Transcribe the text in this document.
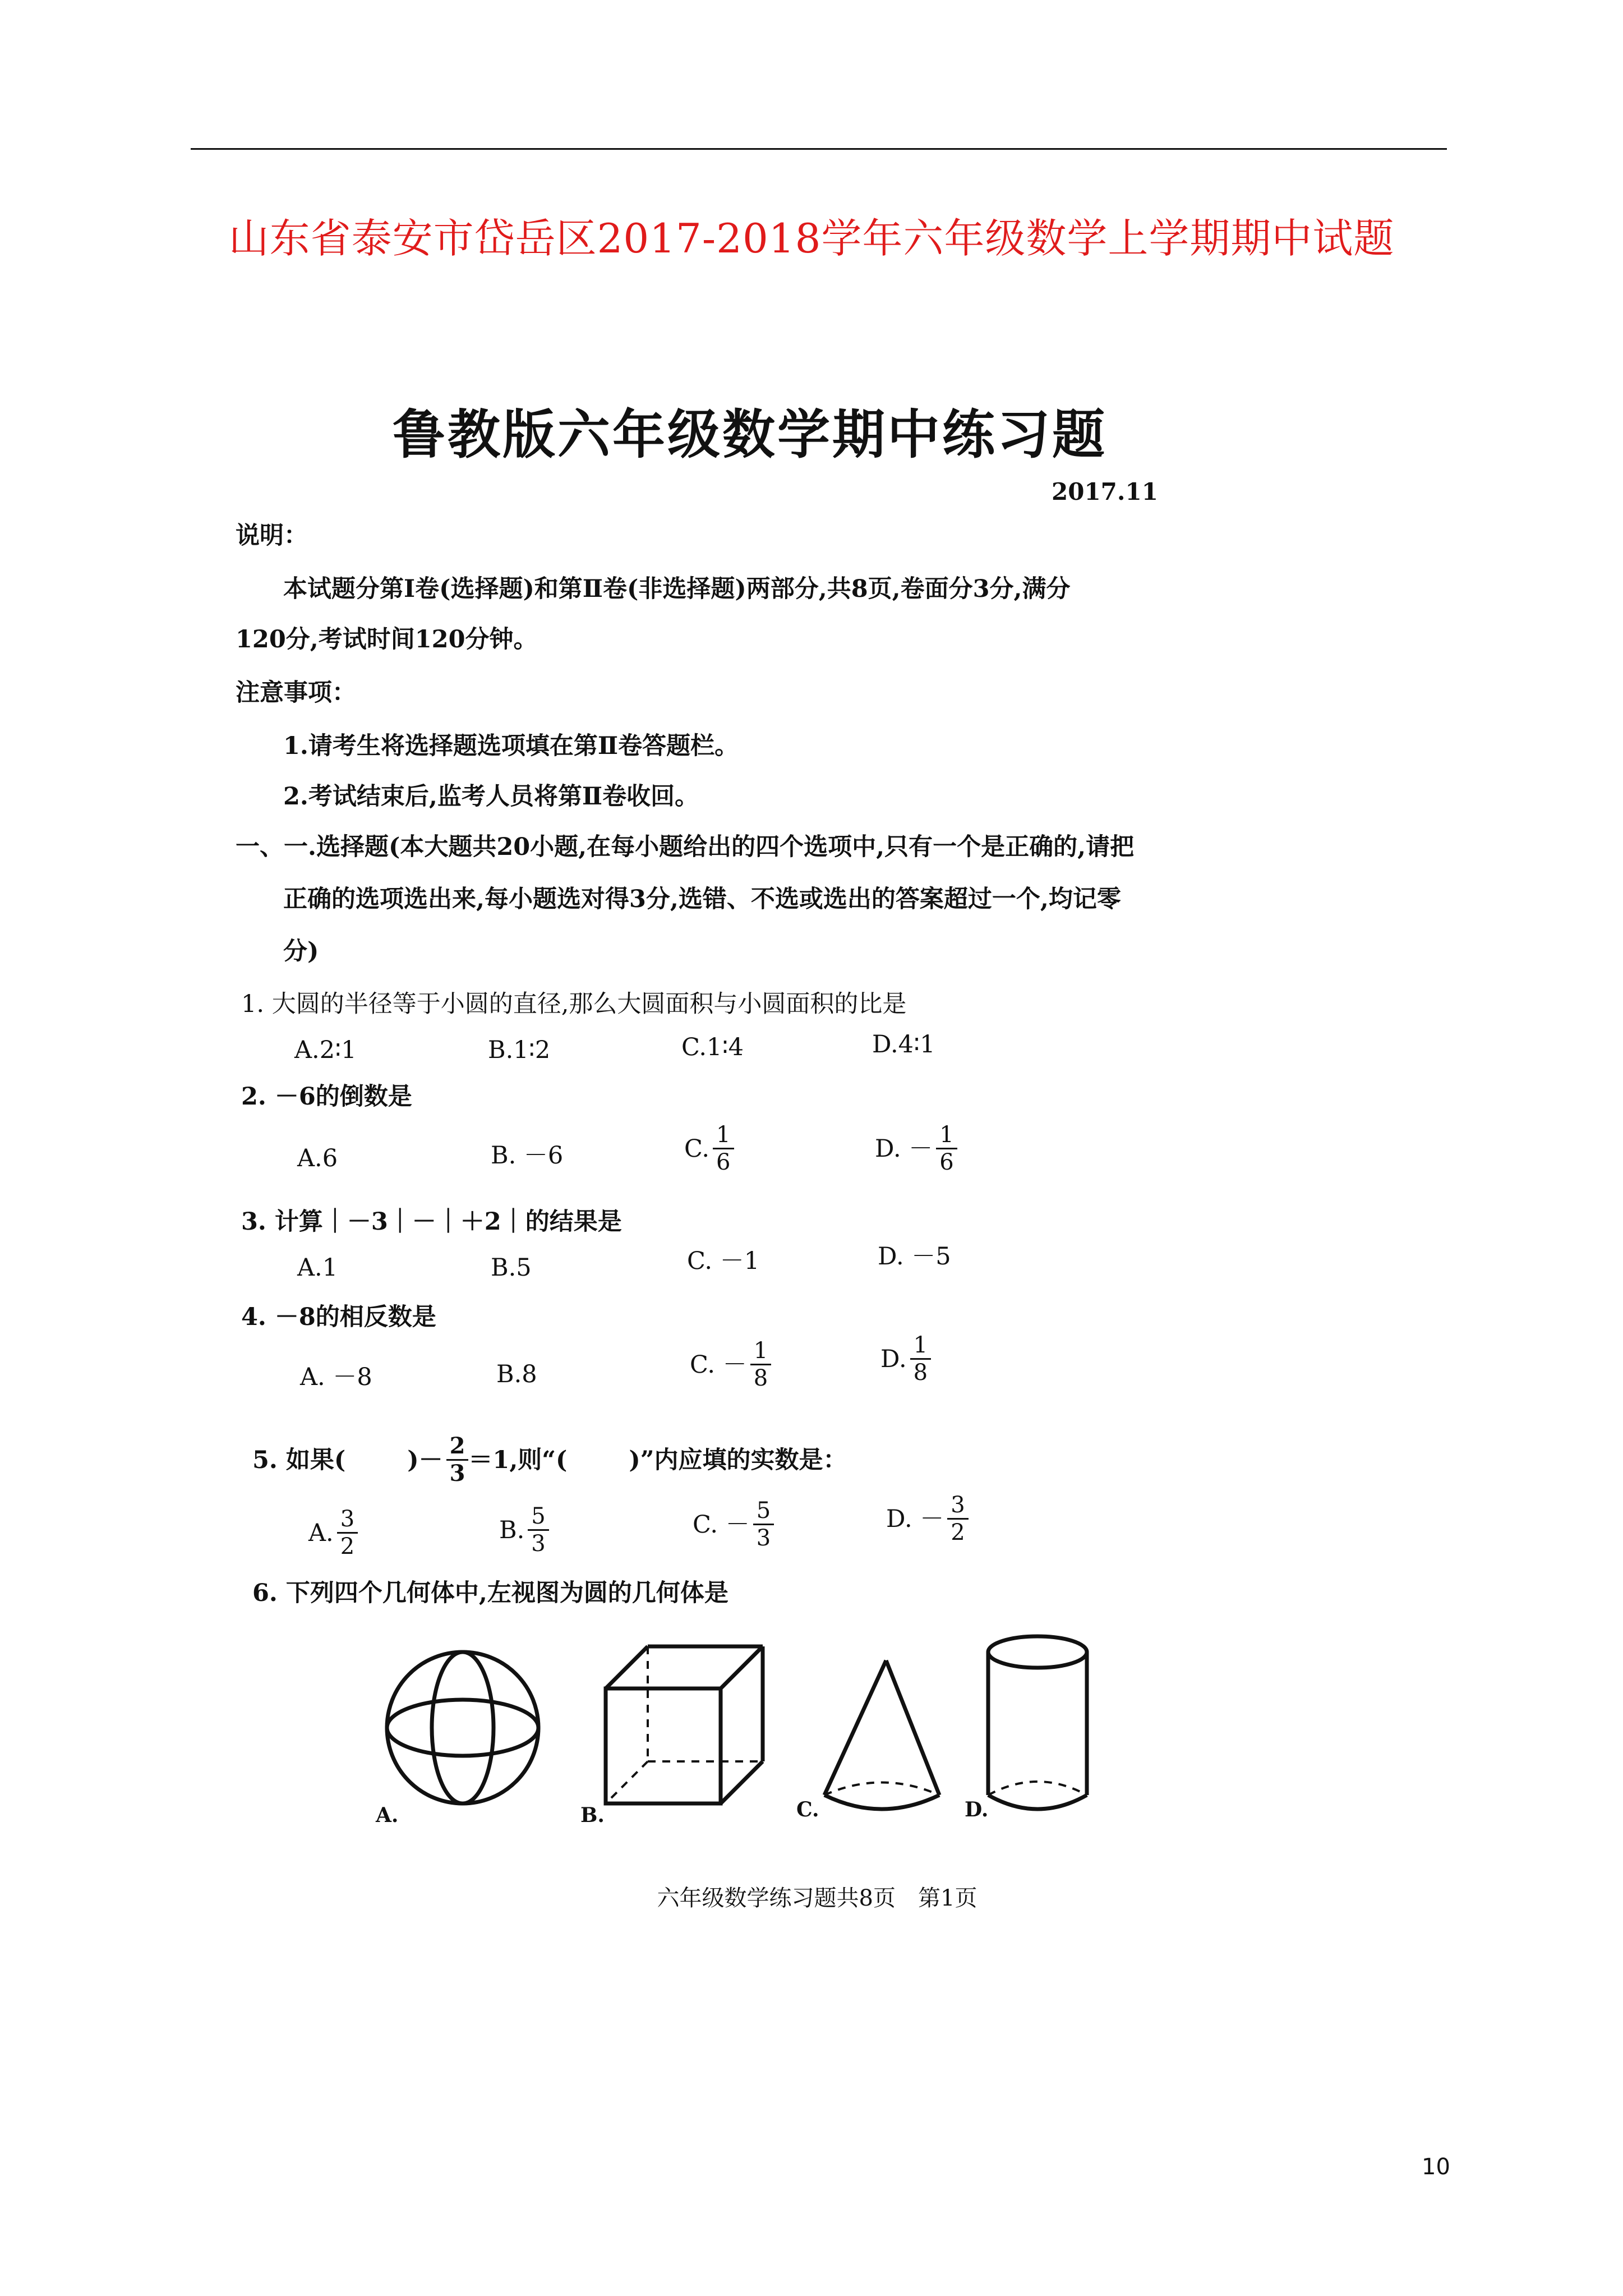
山东省泰安市岱岳区2017-2018学年六年级数学上学期期中试题
鲁教版六年级数学期中练习题
2017.11
说明：
本试题分第Ⅰ卷(选择题)和第Ⅱ卷(非选择题)两部分,共8页,卷面分3分,满分
120分,考试时间120分钟。
注意事项：
1.请考生将选择题选项填在第Ⅱ卷答题栏。
2.考试结束后,监考人员将第Ⅱ卷收回。
一、一.选择题(本大题共20小题,在每小题给出的四个选项中,只有一个是正确的,请把
正确的选项选出来,每小题选对得3分,选错、不选或选出的答案超过一个,均记零
分)
1. 大圆的半径等于小圆的直径,那么大圆面积与小圆面积的比是
A.2∶1	B.1∶2	C.1∶4	D.4∶1
2. －6的倒数是
A.6	B. －6	C. $\frac{1}{6}$	D. － $\frac{1}{6}$
3. 计算｜－3｜－｜＋2｜的结果是
A.1	B.5	C. －1	D. －5
4. －8的相反数是
A. －8	B.8	C. － $\frac{1}{8}$	D. $\frac{1}{8}$
5. 如果(	)－ $\frac{2}{3} =1$,则“(	)”内应填的实数是：
A. $\frac{3}{2}$	B. $\frac{5}{3}$	C. － $\frac{5}{3}$	D. － $\frac{3}{2}$
6. 下列四个几何体中,左视图为圆的几何体是
A.	B.	C.	D.
六年级数学练习题共8页　第1页
10
